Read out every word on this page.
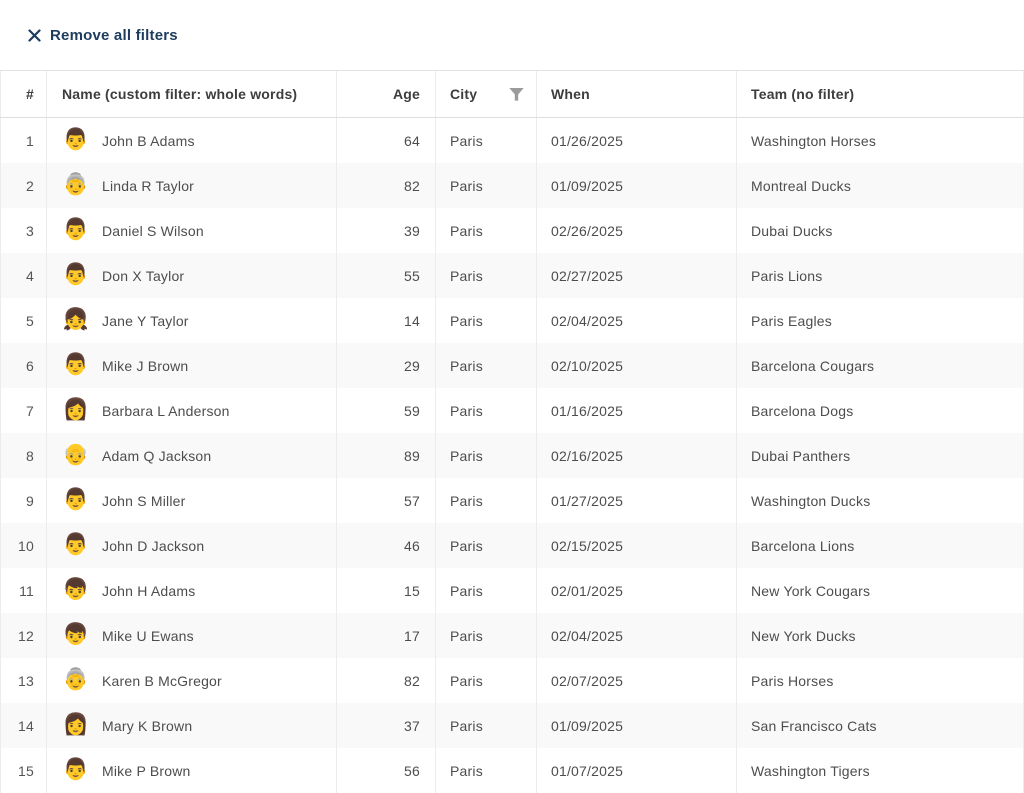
Remove all filters
#	Name (custom filter: whole words)	Age	City	When	Team (no filter)
1	👨 John B Adams	64	Paris	01/26/2025	Washington Horses
2	👵 Linda R Taylor	82	Paris	01/09/2025	Montreal Ducks
3	👨 Daniel S Wilson	39	Paris	02/26/2025	Dubai Ducks
4	👨 Don X Taylor	55	Paris	02/27/2025	Paris Lions
5	👧 Jane Y Taylor	14	Paris	02/04/2025	Paris Eagles
6	👨 Mike J Brown	29	Paris	02/10/2025	Barcelona Cougars
7	👩 Barbara L Anderson	59	Paris	01/16/2025	Barcelona Dogs
8	👴 Adam Q Jackson	89	Paris	02/16/2025	Dubai Panthers
9	👨 John S Miller	57	Paris	01/27/2025	Washington Ducks
10	👨 John D Jackson	46	Paris	02/15/2025	Barcelona Lions
11	👦 John H Adams	15	Paris	02/01/2025	New York Cougars
12	👦 Mike U Ewans	17	Paris	02/04/2025	New York Ducks
13	👵 Karen B McGregor	82	Paris	02/07/2025	Paris Horses
14	👩 Mary K Brown	37	Paris	01/09/2025	San Francisco Cats
15	👨 Mike P Brown	56	Paris	01/07/2025	Washington Tigers
